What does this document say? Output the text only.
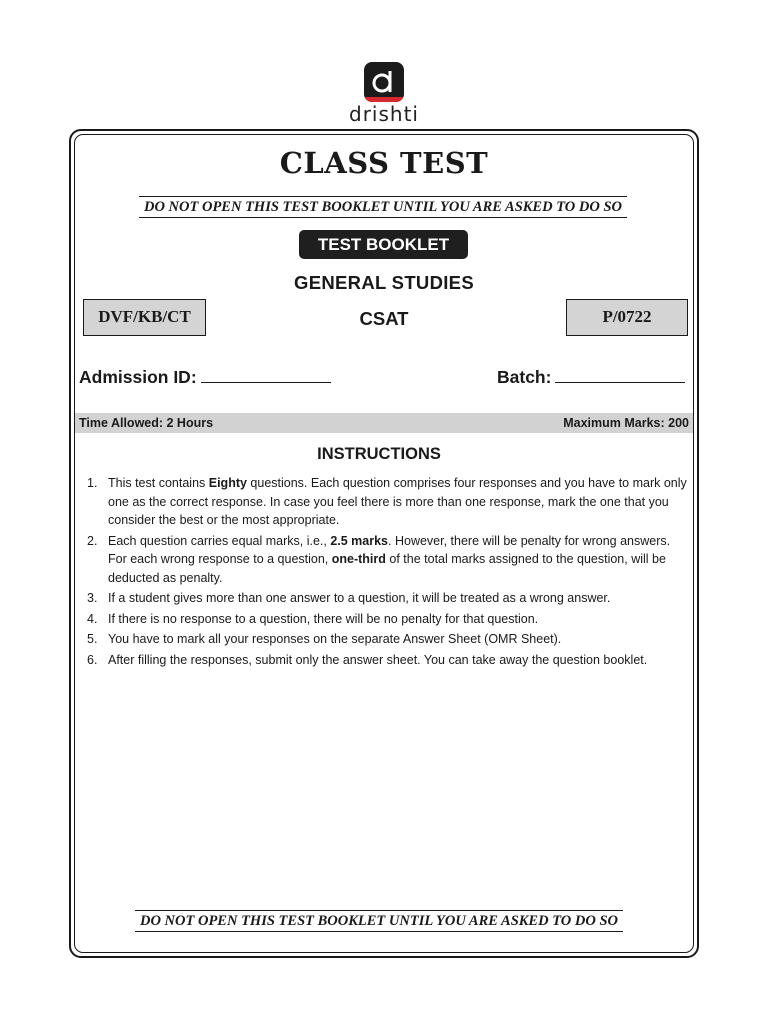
drishti
CLASS TEST
DO NOT OPEN THIS TEST BOOKLET UNTIL YOU ARE ASKED TO DO SO
TEST BOOKLET
GENERAL STUDIES
CSAT
DVF/KB/CT	P/0722
Admission ID:	Batch:
Time Allowed: 2 Hours	Maximum Marks: 200
INSTRUCTIONS
1. This test contains Eighty questions. Each question comprises four responses and you have to mark only one as the correct response. In case you feel there is more than one response, mark the one that you consider the best or the most appropriate.
2. Each question carries equal marks, i.e., 2.5 marks. However, there will be penalty for wrong answers. For each wrong response to a question, one-third of the total marks assigned to the question, will be deducted as penalty.
3. If a student gives more than one answer to a question, it will be treated as a wrong answer.
4. If there is no response to a question, there will be no penalty for that question.
5. You have to mark all your responses on the separate Answer Sheet (OMR Sheet).
6. After filling the responses, submit only the answer sheet. You can take away the question booklet.
DO NOT OPEN THIS TEST BOOKLET UNTIL YOU ARE ASKED TO DO SO
